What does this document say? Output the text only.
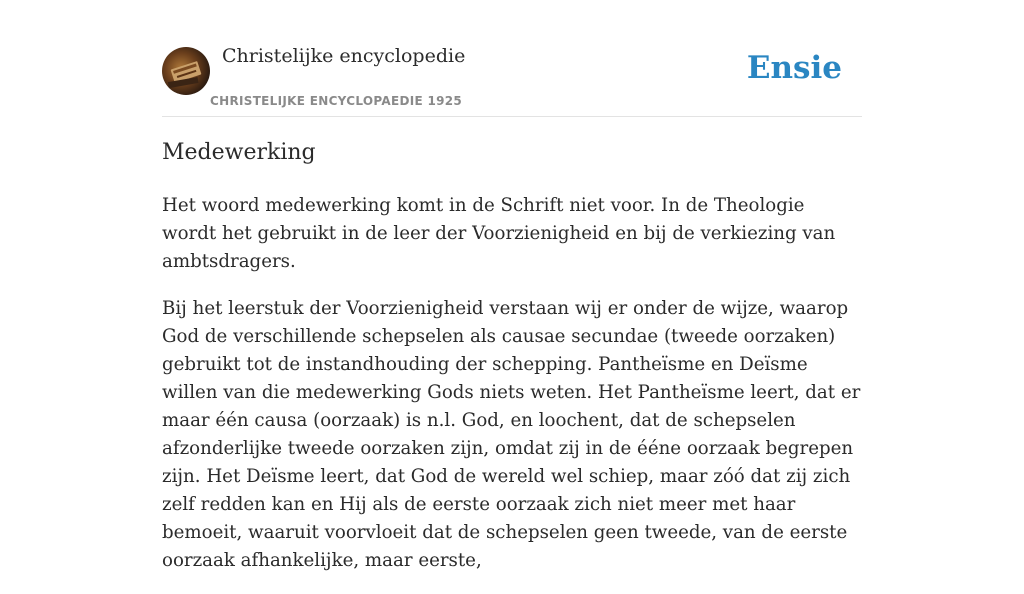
Christelijke encyclopedie
CHRISTELIJKE ENCYCLOPAEDIE 1925
Ensie
Medewerking

Het woord medewerking komt in de Schrift niet voor. In de Theologie wordt het gebruikt in de leer der Voorzienigheid en bij de verkiezing van ambtsdragers.

Bij het leerstuk der Voorzienigheid verstaan wij er onder de wijze, waarop God de verschillende schepselen als causae secundae (tweede oorzaken) gebruikt tot de instandhouding der schepping. Pantheïsme en Deïsme willen van die medewerking Gods niets weten. Het Pantheïsme leert, dat er maar één causa (oorzaak) is n.l. God, en loochent, dat de schepselen afzonderlijke tweede oorzaken zijn, omdat zij in de ééne oorzaak begrepen zijn. Het Deïsme leert, dat God de wereld wel schiep, maar zóó dat zij zich zelf redden kan en Hij als de eerste oorzaak zich niet meer met haar bemoeit, waaruit voorvloeit dat de schepselen geen tweede, van de eerste oorzaak afhankelijke, maar eerste,
